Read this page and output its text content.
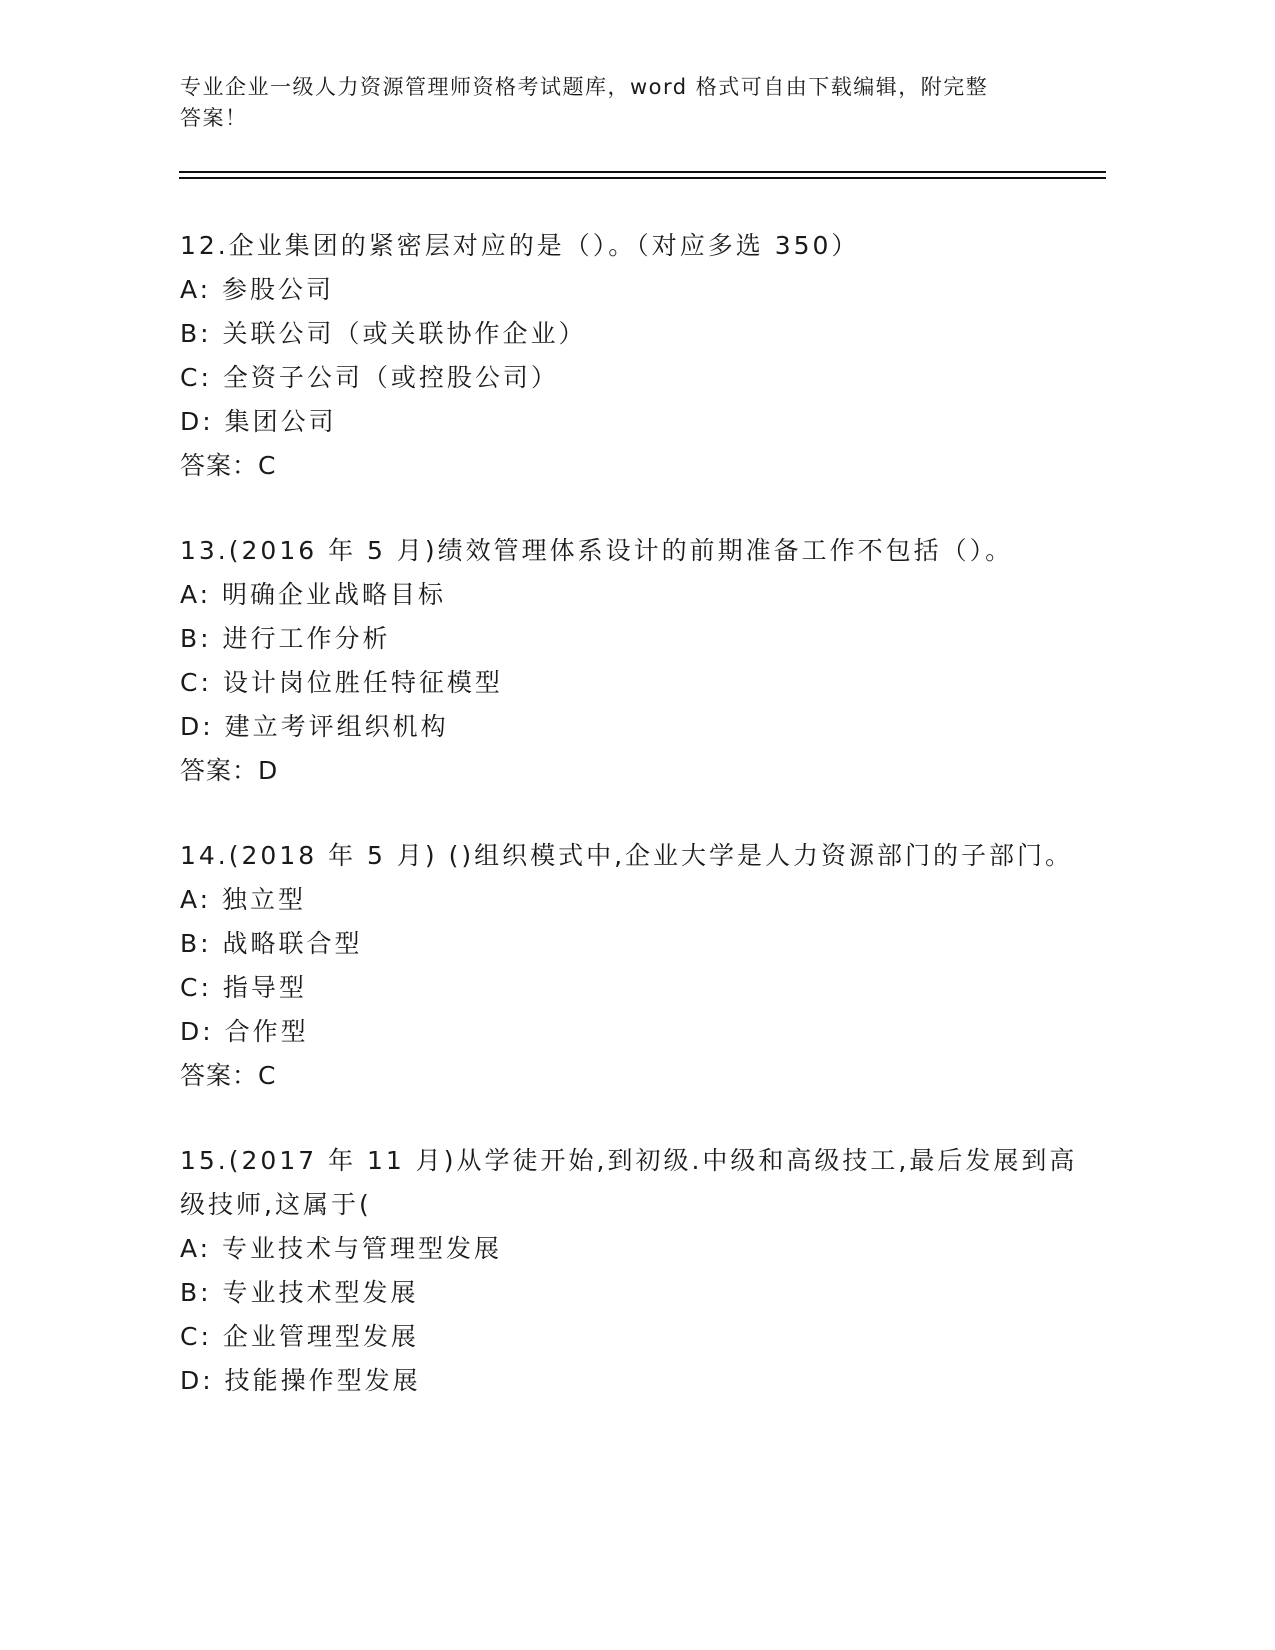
专业企业一级人力资源管理师资格考试题库，word 格式可自由下载编辑，附完整
答案！
12.企业集团的紧密层对应的是（）。（对应多选 350）
A: 参股公司
B: 关联公司（或关联协作企业）
C: 全资子公司（或控股公司）
D: 集团公司
答案：C
13.(2016 年 5 月)绩效管理体系设计的前期准备工作不包括（）。
A: 明确企业战略目标
B: 进行工作分析
C: 设计岗位胜任特征模型
D: 建立考评组织机构
答案：D
14.(2018 年 5 月) ()组织模式中,企业大学是人力资源部门的子部门。
A: 独立型
B: 战略联合型
C: 指导型
D: 合作型
答案：C
15.(2017 年 11 月)从学徒开始,到初级.中级和高级技工,最后发展到高
级技师,这属于(
A: 专业技术与管理型发展
B: 专业技术型发展
C: 企业管理型发展
D: 技能操作型发展
